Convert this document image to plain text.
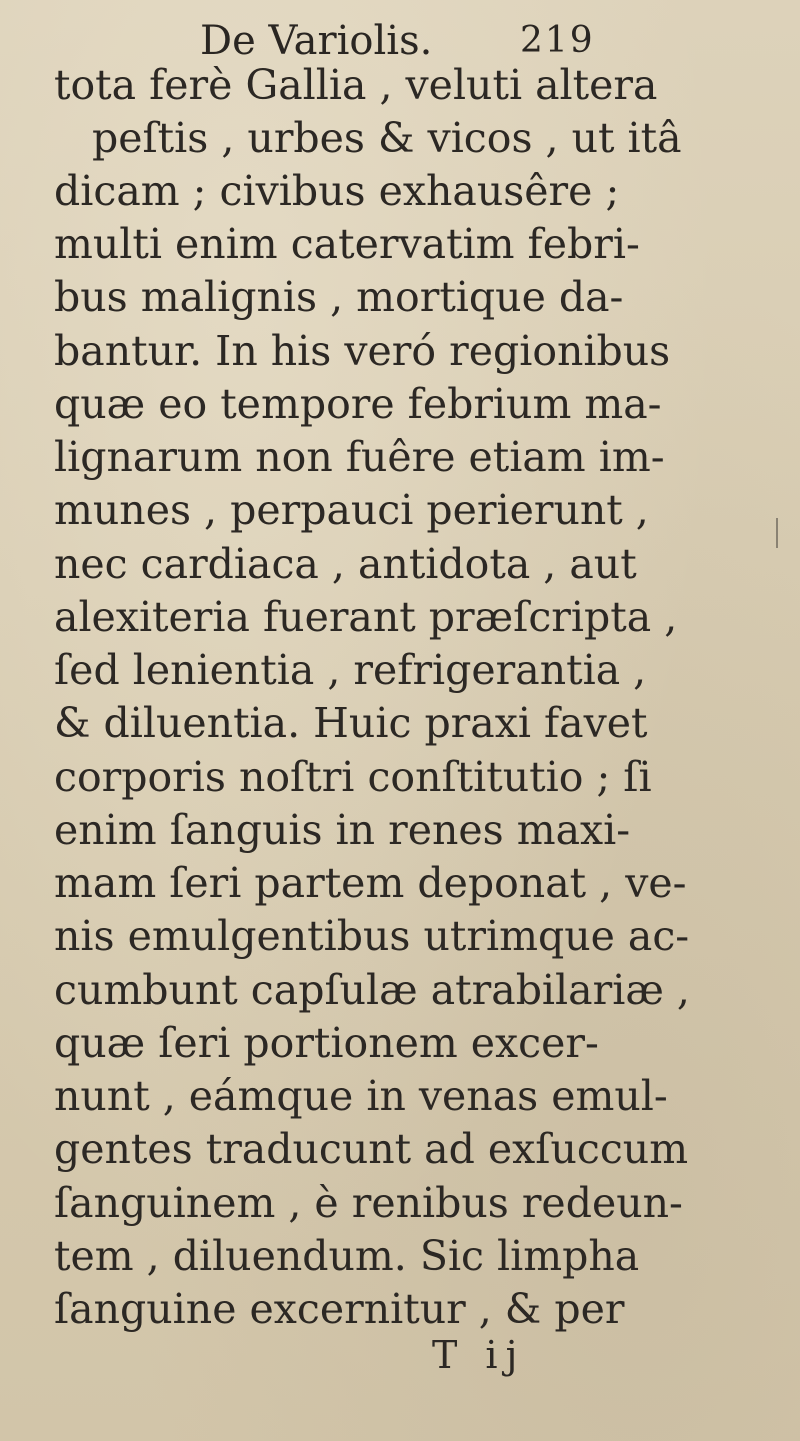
De Variolis. 219
tota ferè Gallia , veluti altera
peſtis , urbes & vicos , ut itâ
dicam ; civibus exhausêre ;
multi enim catervatim febri-
bus malignis , mortique da-
bantur. In his veró regionibus
quæ eo tempore febrium ma-
lignarum non fuêre etiam im-
munes , perpauci perierunt ,
nec cardiaca , antidota , aut
alexiteria fuerant præſcripta ,
ſed lenientia , refrigerantia ,
& diluentia. Huic praxi favet
corporis noſtri conſtitutio ; ſi
enim ſanguis in renes maxi-
mam ſeri partem deponat , ve-
nis emulgentibus utrimque ac-
cumbunt capſulæ atrabilariæ ,
quæ ſeri portionem excer-
nunt , eámque in venas emul-
gentes traducunt ad exſuccum
ſanguinem , è renibus redeun-
tem , diluendum. Sic limpha
ſanguine excernitur , & per
T ij
